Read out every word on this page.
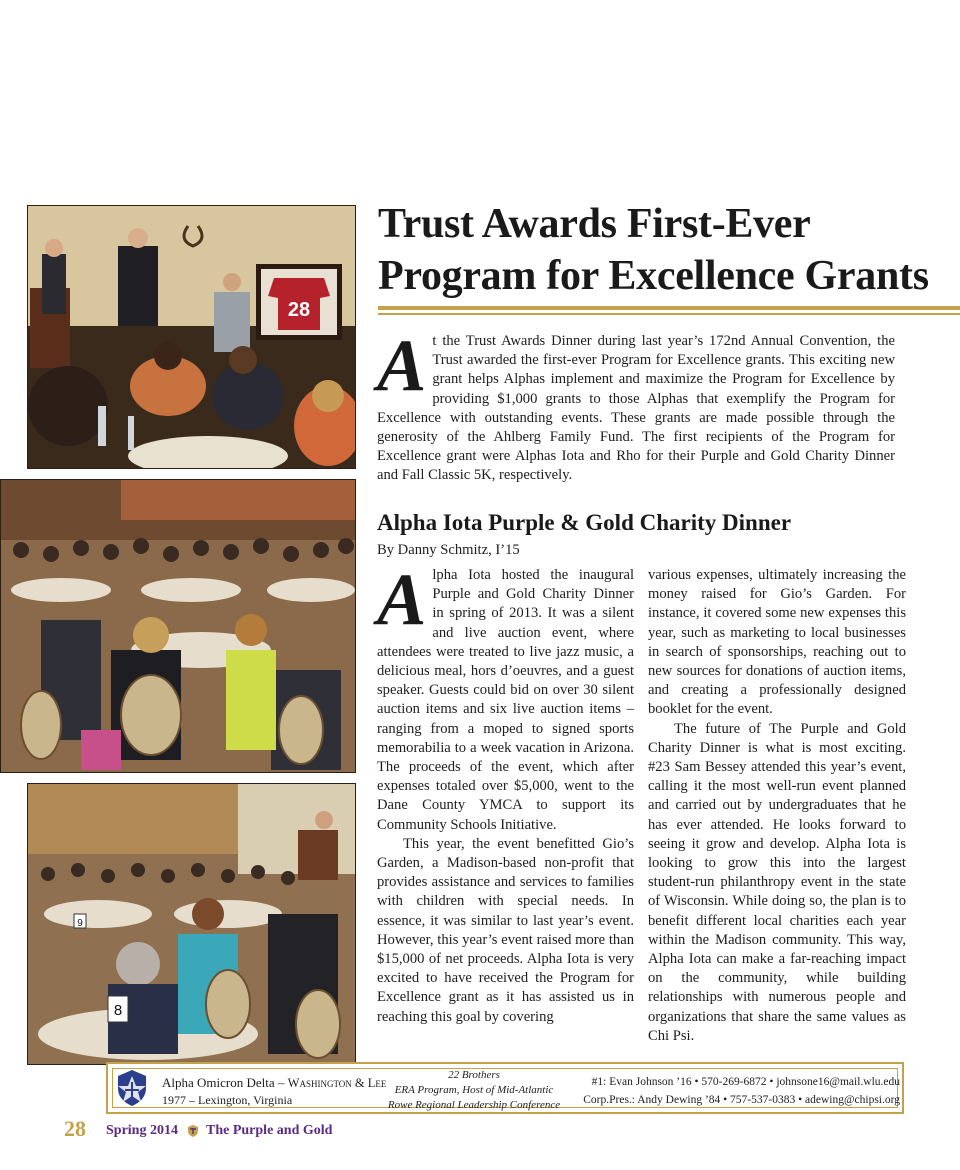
28
9
8
Trust Awards First-Ever
Program for Excellence Grants

At the Trust Awards Dinner during last year’s 172nd Annual Convention, the Trust awarded the first-ever Program for Excellence grants. This exciting new grant helps Alphas implement and maximize the Program for Excellence by providing $1,000 grants to those Alphas that exemplify the Program for Excellence with outstanding events. These grants are made possible through the generosity of the Ahlberg Family Fund. The first recipients of the Program for Excellence grant were Alphas Iota and Rho for their Purple and Gold Charity Dinner and Fall Classic 5K, respectively.

Alpha Iota Purple & Gold Charity Dinner
By Danny Schmitz, I’15

Alpha Iota hosted the inaugural Purple and Gold Charity Dinner in spring of 2013. It was a silent and live auction event, where attendees were treated to live jazz music, a delicious meal, hors d’oeuvres, and a guest speaker. Guests could bid on over 30 silent auction items and six live auction items – ranging from a moped to signed sports memorabilia to a week vacation in Arizona. The proceeds of the event, which after expenses totaled over $5,000, went to the Dane County YMCA to support its Community Schools Initiative.

This year, the event benefitted Gio’s Garden, a Madison-based non-profit that provides assistance and services to families with children with special needs. In essence, it was similar to last year’s event. However, this year’s event raised more than $15,000 of net proceeds. Alpha Iota is very excited to have received the Program for Excellence grant as it has assisted us in reaching this goal by covering

various expenses, ultimately increasing the money raised for Gio’s Garden. For instance, it covered some new expenses this year, such as marketing to local businesses in search of sponsorships, reaching out to new sources for donations of auction items, and creating a professionally designed booklet for the event.

The future of The Purple and Gold Charity Dinner is what is most exciting. #23 Sam Bessey attended this year’s event, calling it the most well-run event planned and carried out by undergraduates that he has ever attended. He looks forward to seeing it grow and develop. Alpha Iota is looking to grow this into the largest student-run philanthropy event in the state of Wisconsin. While doing so, the plan is to benefit different local charities each year within the Madison community. This way, Alpha Iota can make a far-reaching impact on the community, while building relationships with numerous people and organizations that share the same values as Chi Psi.

Alpha Omicron Delta – Washington & Lee
1977 – Lexington, Virginia
22 Brothers
ERA Program, Host of Mid-Atlantic
Rowe Regional Leadership Conference
#1: Evan Johnson ’16 • 570-269-6872 • johnsone16@mail.wlu.edu
Corp.Pres.: Andy Dewing ’84 • 757-537-0383 • adewing@chipsi.org
28 Spring 2014 The Purple and Gold
